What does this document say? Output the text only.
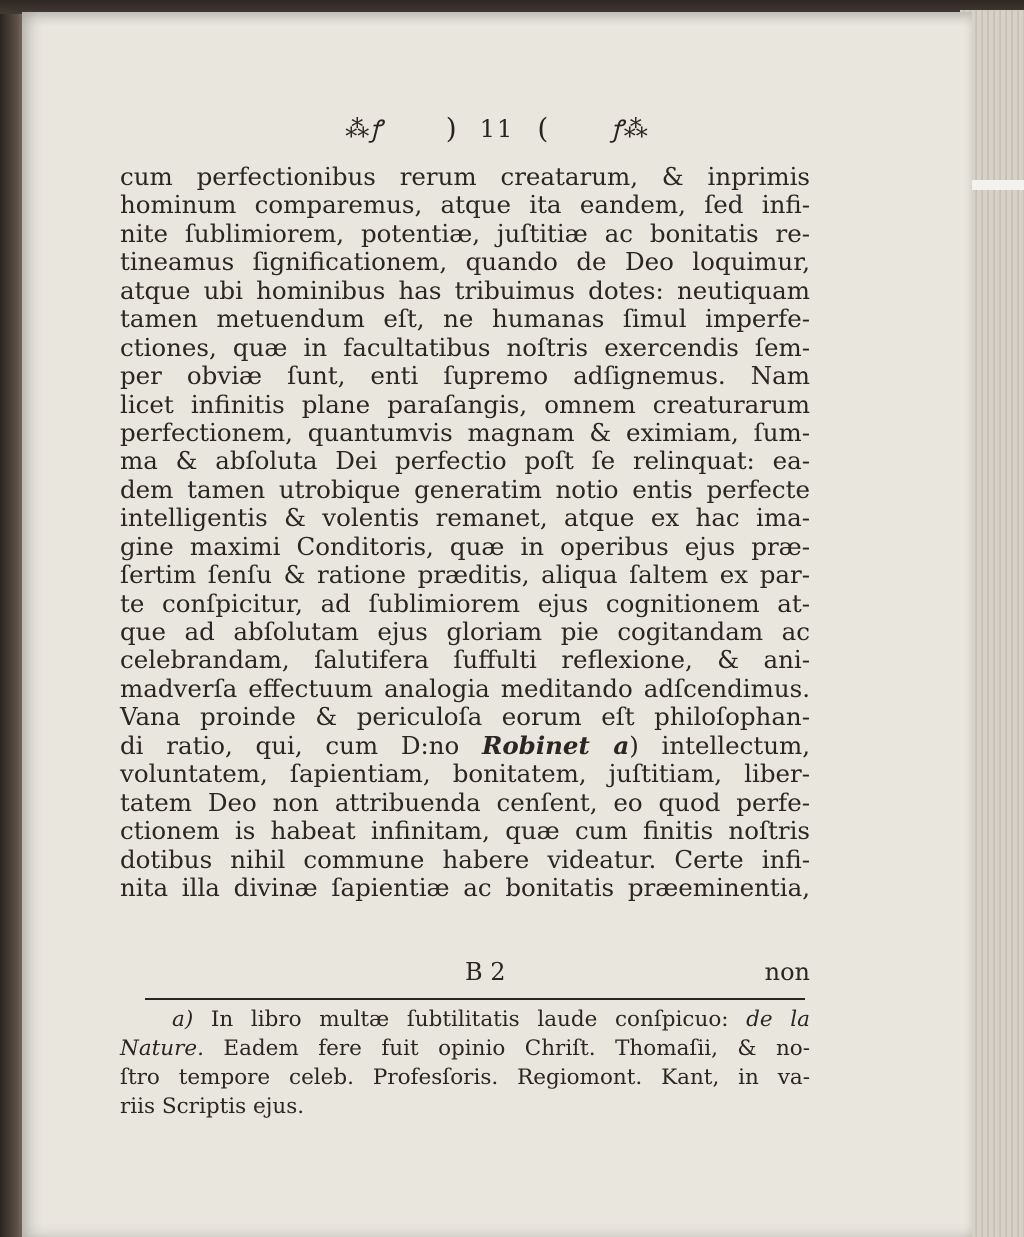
⁂ꝭ ) 11 (	ꝭ⁂
cum perfectionibus rerum creatarum, & inprimis
hominum comparemus, atque ita eandem, ſed infi-
nite ſublimiorem, potentiæ, juſtitiæ ac bonitatis re-
tineamus ſignificationem, quando de Deo loquimur,
atque ubi hominibus has tribuimus dotes: neutiquam
tamen metuendum eſt, ne humanas ſimul imperfe-
ctiones, quæ in facultatibus noſtris exercendis ſem-
per obviæ ſunt, enti ſupremo adſignemus. Nam
licet infinitis plane paraſangis, omnem creaturarum
perfectionem, quantumvis magnam & eximiam, ſum-
ma & abſoluta Dei perfectio poſt ſe relinquat: ea-
dem tamen utrobique generatim notio entis perfecte
intelligentis & volentis remanet, atque ex hac ima-
gine maximi Conditoris, quæ in operibus ejus præ-
ſertim ſenſu & ratione præditis, aliqua ſaltem ex par-
te conſpicitur, ad ſublimiorem ejus cognitionem at-
que ad abſolutam ejus gloriam pie cogitandam ac
celebrandam, ſalutifera ſuffulti reflexione, & ani-
madverſa effectuum analogia meditando adſcendimus.
Vana proinde & periculoſa eorum eſt philoſophan-
di ratio, qui, cum D:no Robinet a) intellectum,
voluntatem, ſapientiam, bonitatem, juſtitiam, liber-
tatem Deo non attribuenda cenſent, eo quod perfe-
ctionem is habeat infinitam, quæ cum finitis noſtris
dotibus nihil commune habere videatur. Certe infi-
nita illa divinæ ſapientiæ ac bonitatis præeminentia,
B 2	non
a) In libro multæ ſubtilitatis laude conſpicuo: de la
Nature. Eadem fere fuit opinio Chriſt. Thomaſii, & no-
ſtro tempore celeb. Profesſoris. Regiomont. Kant, in va-
riis Scriptis ejus.
